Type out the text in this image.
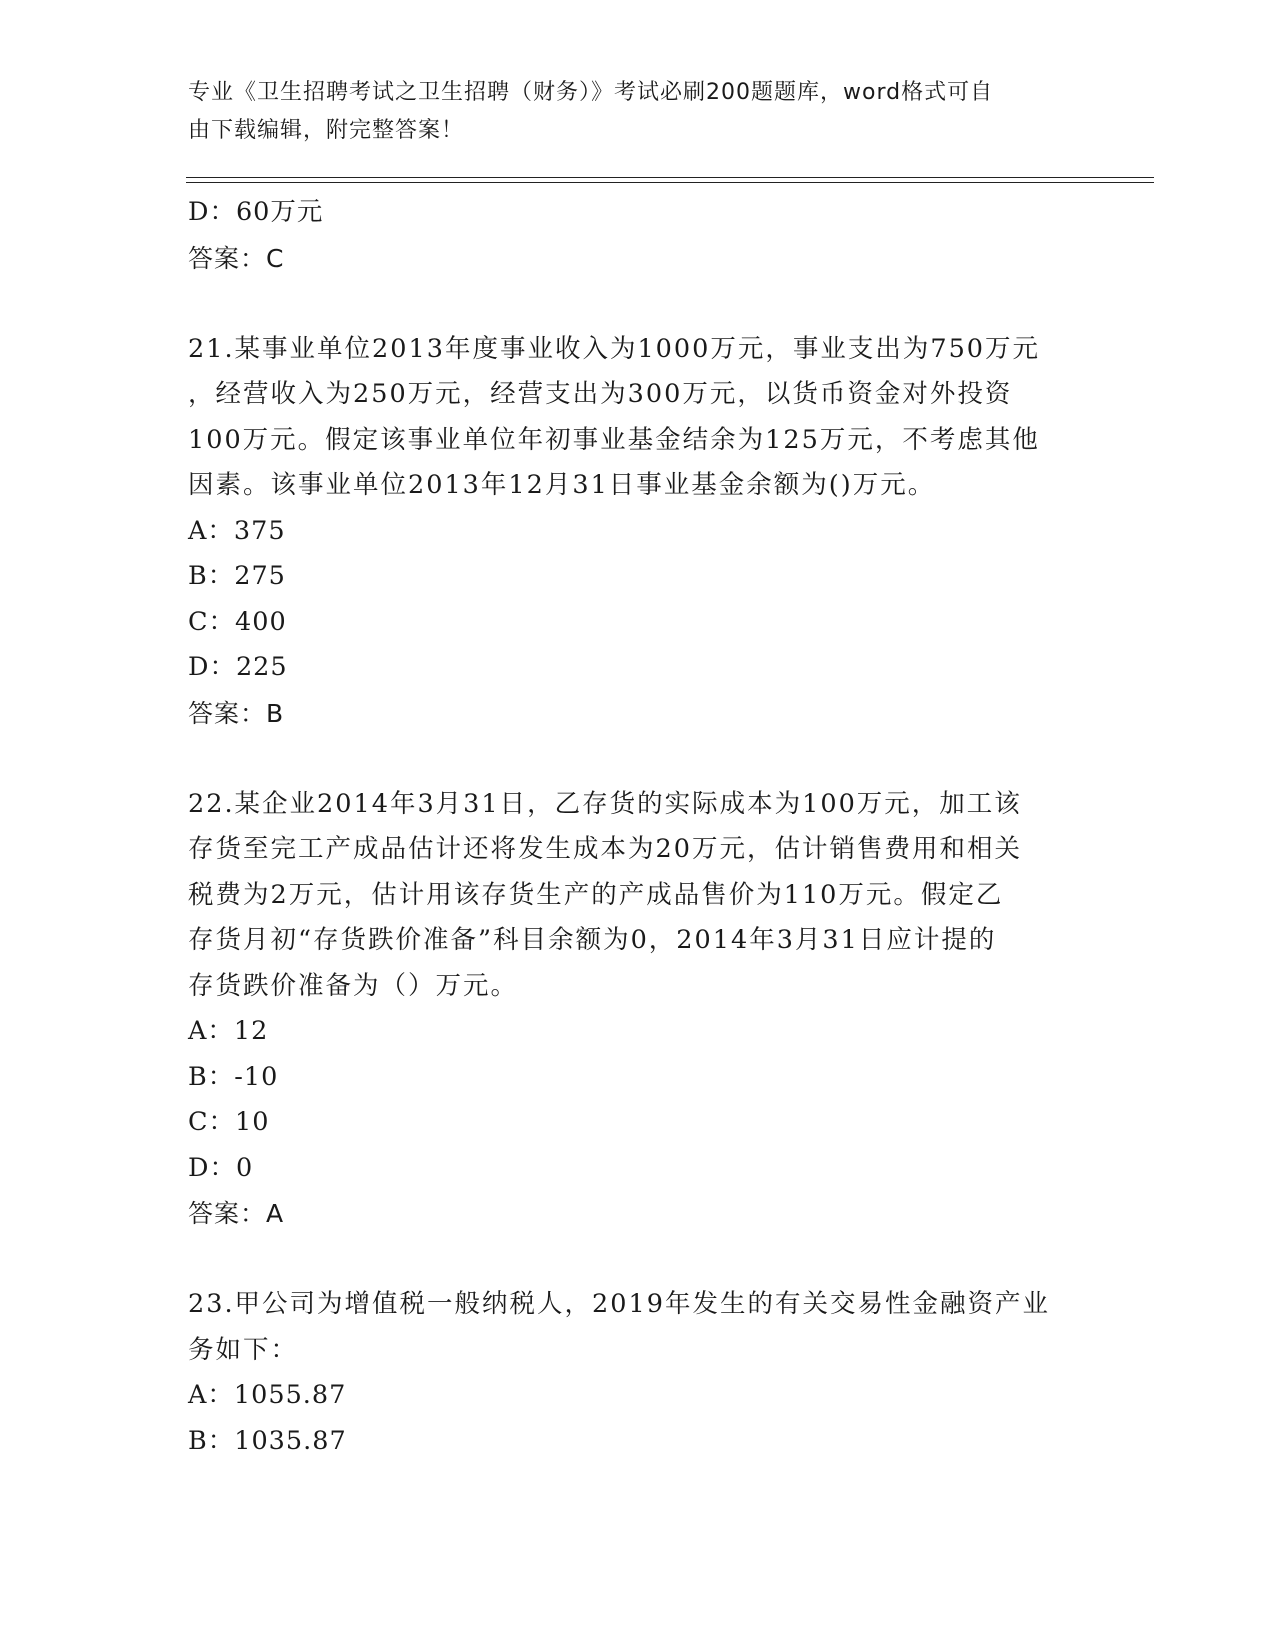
专业《卫生招聘考试之卫生招聘（财务）》考试必刷200题题库，word格式可自
由下载编辑，附完整答案！
D：60万元
答案：C
21.某事业单位2013年度事业收入为1000万元，事业支出为750万元
，经营收入为250万元，经营支出为300万元，以货币资金对外投资
100万元。假定该事业单位年初事业基金结余为125万元，不考虑其他
因素。该事业单位2013年12月31日事业基金余额为()万元。
A：375
B：275
C：400
D：225
答案：B
22.某企业2014年3月31日，乙存货的实际成本为100万元，加工该
存货至完工产成品估计还将发生成本为20万元，估计销售费用和相关
税费为2万元，估计用该存货生产的产成品售价为110万元。假定乙
存货月初“存货跌价准备”科目余额为0，2014年3月31日应计提的
存货跌价准备为（）万元。
A：12
B：-10
C：10
D：0
答案：A
23.甲公司为增值税一般纳税人，2019年发生的有关交易性金融资产业
务如下：
A：1055.87
B：1035.87
